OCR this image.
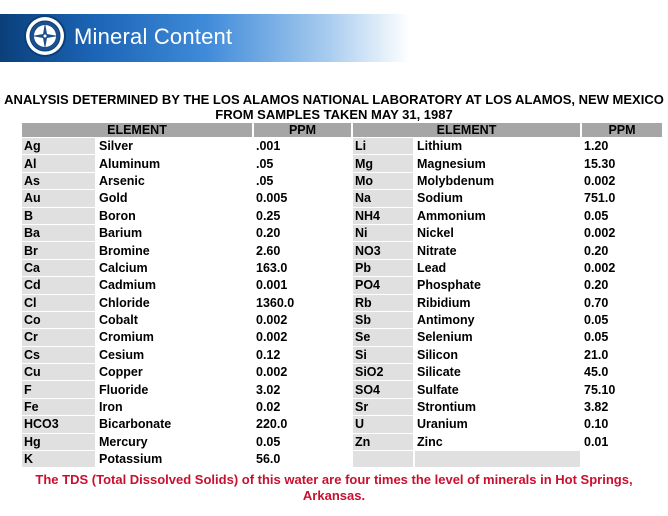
Mineral Content
ANALYSIS DETERMINED BY THE LOS ALAMOS NATIONAL LABORATORY AT LOS ALAMOS, NEW MEXICO FROM SAMPLES TAKEN MAY 31, 1987
ELEMENT		PPM
Ag	Silver	.001
Al	Aluminum	.05
As	Arsenic	.05
Au	Gold	0.005
B	Boron	0.25
Ba	Barium	0.20
Br	Bromine	2.60
Ca	Calcium	163.0
Cd	Cadmium	0.001
Cl	Chloride	1360.0
Co	Cobalt	0.002
Cr	Cromium	0.002
Cs	Cesium	0.12
Cu	Copper	0.002
F	Fluoride	3.02
Fe	Iron	0.02
HCO3	Bicarbonate	220.0
Hg	Mercury	0.05
K	Potassium	56.0
ELEMENT		PPM
Li	Lithium	1.20
Mg	Magnesium	15.30
Mo	Molybdenum	0.002
Na	Sodium	751.0
NH4	Ammonium	0.05
Ni	Nickel	0.002
NO3	Nitrate	0.20
Pb	Lead	0.002
PO4	Phosphate	0.20
Rb	Ribidium	0.70
Sb	Antimony	0.05
Se	Selenium	0.05
Si	Silicon	21.0
SiO2	Silicate	45.0
SO4	Sulfate	75.10
Sr	Strontium	3.82
U	Uranium	0.10
Zn	Zinc	0.01

The TDS (Total Dissolved Solids) of this water are four times the level of minerals in Hot Springs, Arkansas.
